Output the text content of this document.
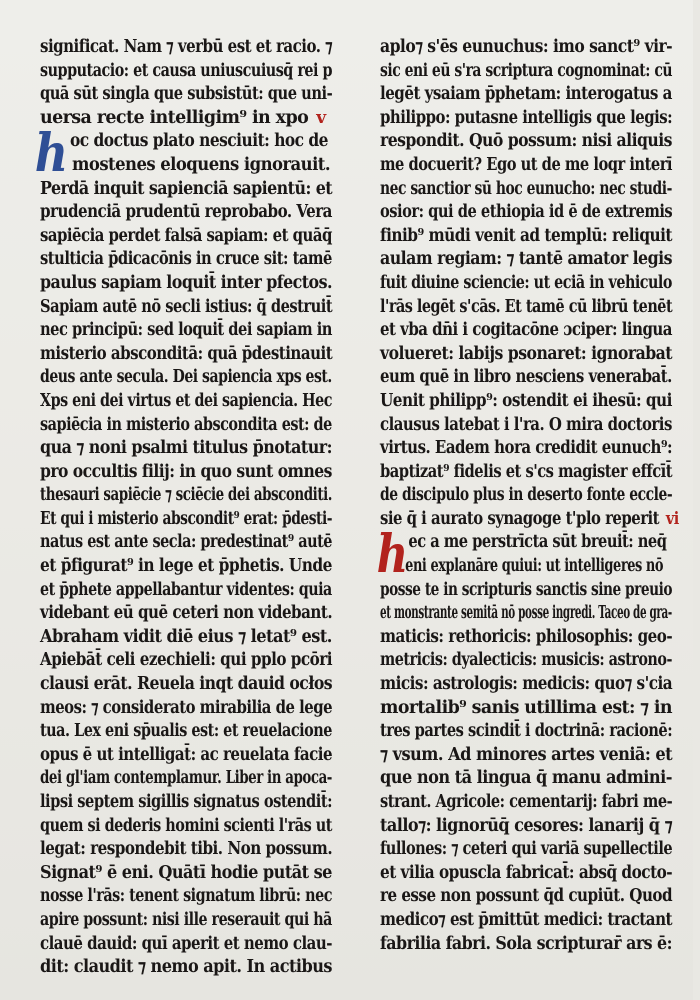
significat. Nam ⁊ verbū est et racio. ⁊
supputacio: et causa uniuscuiusq̄ rei p
quā sūt singla que subsistūt: que uni-
uersa recte intelligim⁹ in xpo v
h oc doctus plato nesciuit: hoc de
mostenes eloquens ignorauit.
Perdā inquit sapienciā sapientū: et
prudenciā prudentū reprobabo. Vera
sapiēcia perdet falsā sapiam: et quāq̄
stulticia p̄dicacōnis in cruce sit: tamē
paulus sapiam loquit̄ inter pfectos.
Sapiam autē nō secli istius: q̄ destruit̄
nec principū: sed loquit̄ dei sapiam in
misterio absconditā: quā p̄destinauit
deus ante secula. Dei sapiencia xps est.
Xps eni dei virtus et dei sapiencia. Hec
sapiēcia in misterio abscondita est: de
qua ⁊ noni psalmi titulus p̄notatur:
pro occultis filij: in quo sunt omnes
thesauri sapiēcie ⁊ sciēcie dei absconditi.
Et qui i misterio abscondit⁹ erat: p̄desti-
natus est ante secla: predestinat⁹ autē
et p̄figurat⁹ in lege et p̄phetis. Unde
et p̄phete appellabantur videntes: quia
videbant eū quē ceteri non videbant.
Abraham vidit diē eius ⁊ letat⁹ est.
Apiebāt̄ celi ezechieli: qui pplo pcōri
clausi erāt. Reuela inqt dauid ocłos
meos: ⁊ considerato mirabilia de lege
tua. Lex eni sp̄ualis est: et reuelacione
opus ē ut intelligat̄: ac reuelata facie
dei gl'iam contemplamur. Liber in apoca-
lipsi septem sigillis signatus ostendit̄:
quem si dederis homini scienti l'rās ut
legat: respondebit tibi. Non possum.
Signat⁹ ē eni. Quātī hodie putāt se
nosse l'rās: tenent signatum librū: nec
apire possunt: nisi ille reserauit qui hā
clauē dauid: quī aperit et nemo clau-
dit: claudit ⁊ nemo apit. In actibus
aplo⁊ s'ēs eunuchus: imo sanct⁹ vir-
sic eni eū s'ra scriptura cognominat: cū
legēt ysaiam p̄phetam: interogatus a
philippo: putasne intelligis que legis:
respondit. Quō possum: nisi aliquis
me docuerit? Ego ut de me loqr interī
nec sanctior sū hoc eunucho: nec studi-
osior: qui de ethiopia id ē de extremis
finib⁹ mūdi venit ad templū: reliquit
aulam regiam: ⁊ tantē amator legis
fuit diuine sciencie: ut eciā in vehiculo
l'rās legēt s'cās. Et tamē cū librū tenēt
et vba dn̄i i cogitacōne ɔciper: lingua
volueret: labijs psonaret: ignorabat
eum quē in libro nesciens venerabat̄.
Uenit philipp⁹: ostendit ei ihesū: qui
clausus latebat i l'ra. O mira doctoris
virtus. Eadem hora credidit eunuch⁹:
baptizat⁹ fidelis et s'cs magister effcīt̄
de discipulo plus in deserto fonte eccle-
sie q̄ i aurato synagoge t'plo reperit vi
h ec a me perstrīcta sūt breuit̄: neq̄
eni explanāre quiui: ut intelligeres nō
posse te in scripturis sanctis sine preuio
et monstrante semitā nō posse ingredi. Taceo de gra-
maticis: rethoricis: philosophis: geo-
metricis: dyalecticis: musicis: astrono-
micis: astrologis: medicis: quo⁊ s'cia
mortalib⁹ sanis utillima est: ⁊ in
tres partes scindit̄ i doctrinā: racionē:
⁊ vsum. Ad minores artes veniā: et
que non tā lingua q̄ manu admini-
strant. Agricole: cementarij: fabri me-
tallo⁊: lignorūq̄ cesores: lanarij q̄ ⁊
fullones: ⁊ ceteri qui variā supellectile
et vilia opuscla fabricat̄: absq̄ docto-
re esse non possunt q̄d cupiūt. Quod
medico⁊ est p̄mittūt medici: tractant
fabrilia fabri. Sola scripturar̄ ars ē:
